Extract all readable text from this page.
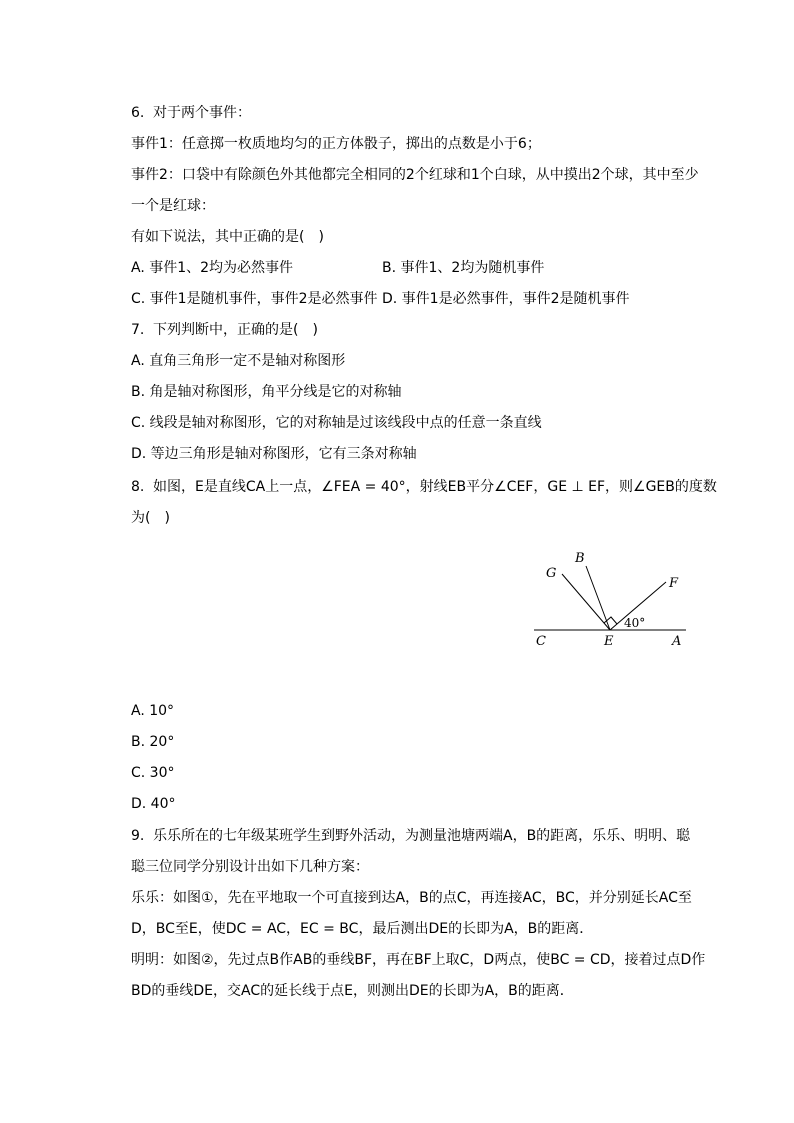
6. 对于两个事件：
事件1：任意掷一枚质地均匀的正方体骰子，掷出的点数是小于6；
事件2：口袋中有除颜色外其他都完全相同的2个红球和1个白球，从中摸出2个球，其中至少
一个是红球：
有如下说法，其中正确的是(　)
A. 事件1、2均为必然事件	B. 事件1、2均为随机事件
C. 事件1是随机事件，事件2是必然事件 D. 事件1是必然事件，事件2是随机事件
7. 下列判断中，正确的是(　)
A. 直角三角形一定不是轴对称图形
B. 角是轴对称图形，角平分线是它的对称轴
C. 线段是轴对称图形，它的对称轴是过该线段中点的任意一条直线
D. 等边三角形是轴对称图形，它有三条对称轴
8. 如图，E是直线CA上一点，∠FEA = 40°，射线EB平分∠CEF，GE ⊥ EF，则∠GEB的度数
为(　)
G
B
F
C	E	A
40°
A. 10°
B. 20°
C. 30°
D. 40°
9. 乐乐所在的七年级某班学生到野外活动，为测量池塘两端A，B的距离，乐乐、明明、聪
聪三位同学分别设计出如下几种方案：
乐乐：如图①，先在平地取一个可直接到达A，B的点C，再连接AC，BC，并分别延长AC至
D，BC至E，使DC = AC，EC = BC，最后测出DE的长即为A，B的距离．
明明：如图②，先过点B作AB的垂线BF，再在BF上取C，D两点，使BC = CD，接着过点D作
BD的垂线DE，交AC的延长线于点E，则测出DE的长即为A，B的距离．
